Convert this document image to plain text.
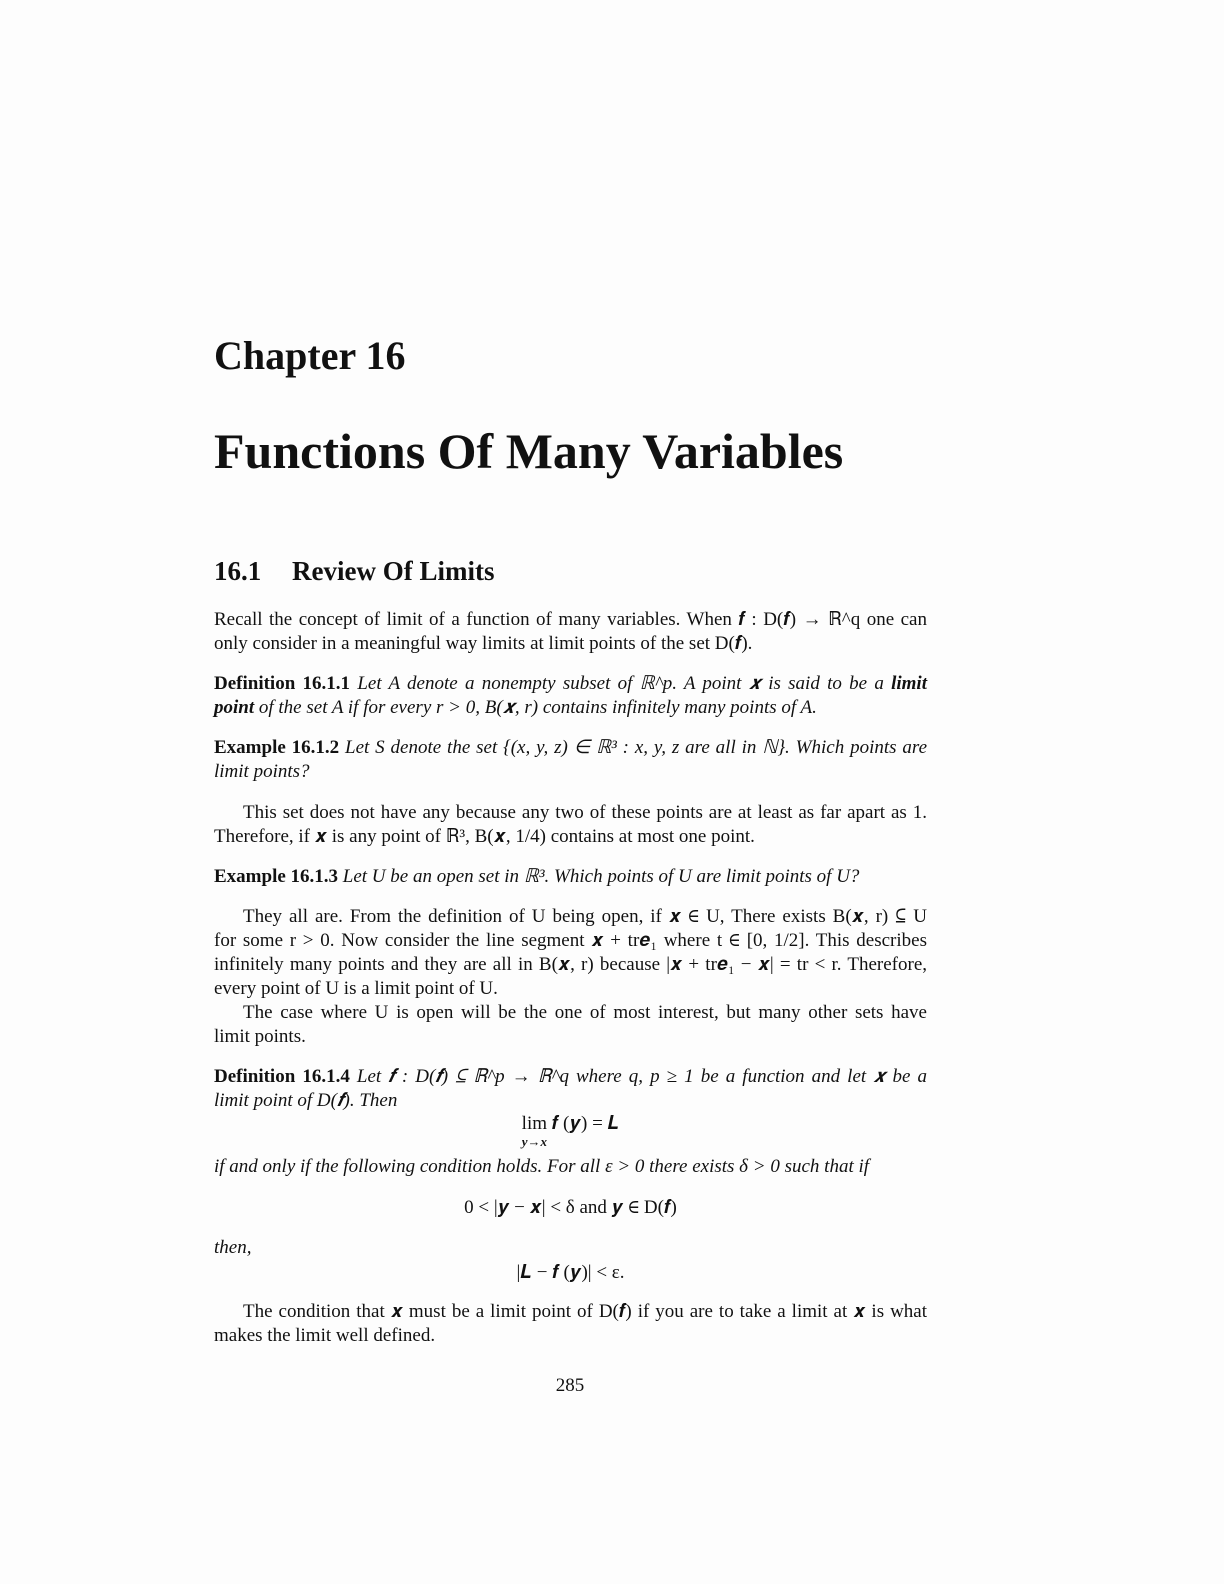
Chapter 16
Functions Of Many Variables
16.1 Review Of Limits
Recall the concept of limit of a function of many variables. When 𝒇 : D(𝒇) → ℝ^q one can
only consider in a meaningful way limits at limit points of the set D(𝒇).
Definition 16.1.1 Let A denote a nonempty subset of ℝ^p. A point 𝒙 is said to be a limit
point of the set A if for every r > 0, B(𝒙, r) contains infinitely many points of A.
Example 16.1.2 Let S denote the set {(x, y, z) ∈ ℝ³ : x, y, z are all in ℕ}. Which points are
limit points?
This set does not have any because any two of these points are at least as far apart as 1.
Therefore, if 𝒙 is any point of ℝ³, B(𝒙, 1/4) contains at most one point.
Example 16.1.3 Let U be an open set in ℝ³. Which points of U are limit points of U?
They all are. From the definition of U being open, if 𝒙 ∈ U, There exists B(𝒙, r) ⊆ U
for some r > 0. Now consider the line segment 𝒙 + tr𝒆₁ where t ∈ [0, 1/2]. This describes
infinitely many points and they are all in B(𝒙, r) because |𝒙 + tr𝒆₁ − 𝒙| = tr < r. Therefore,
every point of U is a limit point of U.
The case where U is open will be the one of most interest, but many other sets have
limit points.
Definition 16.1.4 Let 𝒇 : D(𝒇) ⊆ ℝ^p → ℝ^q where q, p ≥ 1 be a function and let 𝒙 be a
limit point of D(𝒇). Then
lim
y→x
𝒇 (𝒚) = 𝑳
if and only if the following condition holds. For all ε > 0 there exists δ > 0 such that if
0 < |𝒚 − 𝒙| < δ and 𝒚 ∈ D(𝒇)
then,
|𝑳 − 𝒇 (𝒚)| < ε.
The condition that 𝒙 must be a limit point of D(𝒇) if you are to take a limit at 𝒙 is what
makes the limit well defined.
285
